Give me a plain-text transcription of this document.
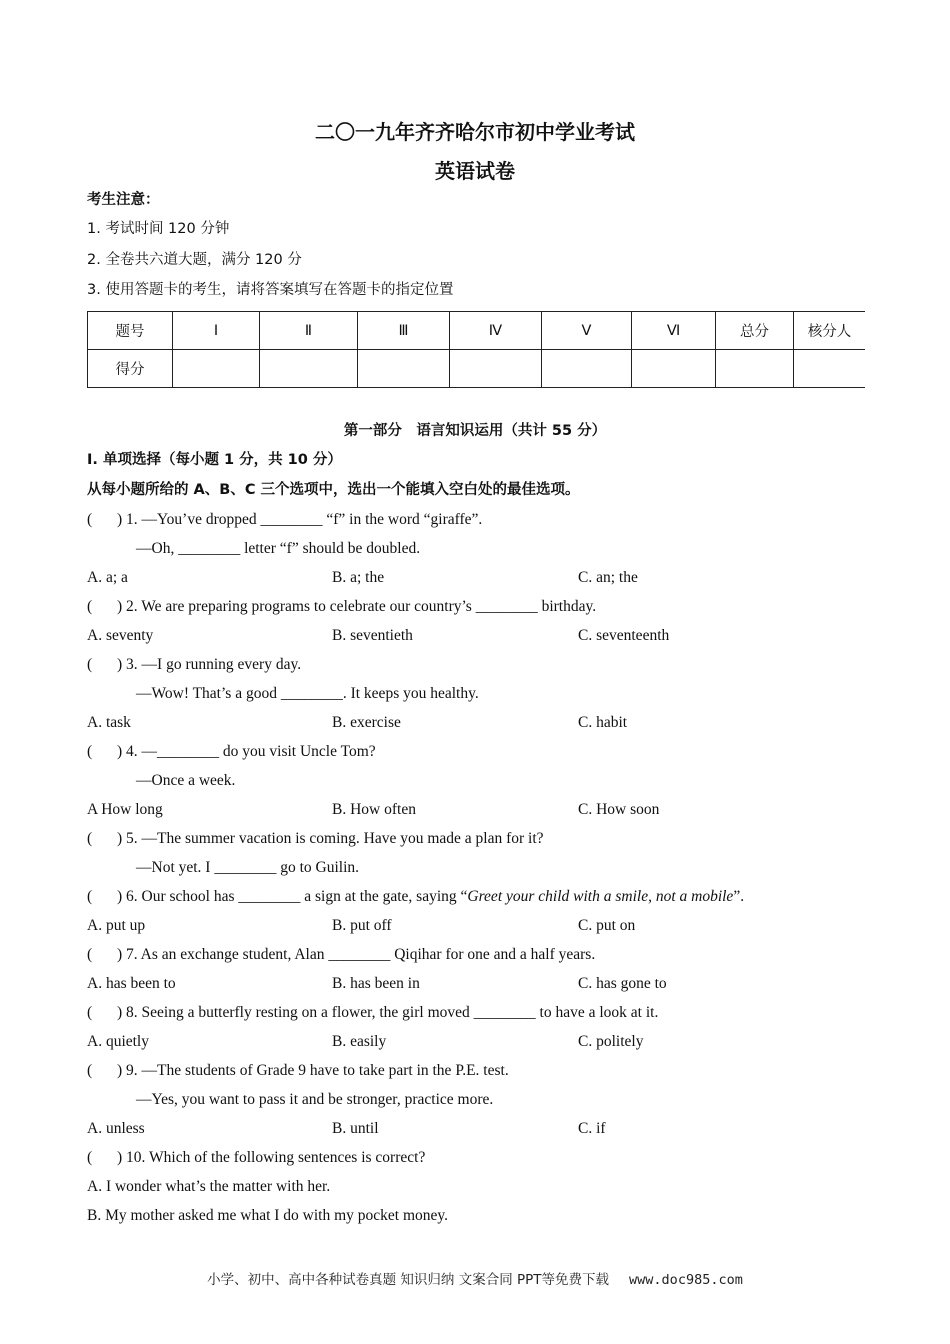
二〇一九年齐齐哈尔市初中学业考试
英语试卷
考生注意：
1. 考试时间 120 分钟
2. 全卷共六道大题，满分 120 分
3. 使用答题卡的考生，请将答案填写在答题卡的指定位置
题号	Ⅰ	Ⅱ	Ⅲ	Ⅳ	Ⅴ	Ⅵ	总分	核分人
得分								
第一部分　语言知识运用（共计 55 分）
I. 单项选择（每小题 1 分，共 10 分）
从每小题所给的 A、B、C 三个选项中，选出一个能填入空白处的最佳选项。
( ) 1. —You’ve dropped ________ “f” in the word “giraffe”.
—Oh, ________ letter “f” should be doubled.
A. a; a	B. a; the	C. an; the
( ) 2. We are preparing programs to celebrate our country’s ________ birthday.
A. seventy	B. seventieth	C. seventeenth
( ) 3. —I go running every day.
—Wow! That’s a good ________. It keeps you healthy.
A. task	B. exercise	C. habit
( ) 4. —________ do you visit Uncle Tom?
—Once a week.
A How long	B. How often	C. How soon
( ) 5. —The summer vacation is coming. Have you made a plan for it?
—Not yet. I ________ go to Guilin.
( ) 6. Our school has ________ a sign at the gate, saying “Greet your child with a smile, not a mobile”.
A. put up	B. put off	C. put on
( ) 7. As an exchange student, Alan ________ Qiqihar for one and a half years.
A. has been to	B. has been in	C. has gone to
( ) 8. Seeing a butterfly resting on a flower, the girl moved ________ to have a look at it.
A. quietly	B. easily	C. politely
( ) 9. —The students of Grade 9 have to take part in the P.E. test.
—Yes, you want to pass it and be stronger, practice more.
A. unless	B. until	C. if
( ) 10. Which of the following sentences is correct?
A. I wonder what’s the matter with her.
B. My mother asked me what I do with my pocket money.
小学、初中、高中各种试卷真题 知识归纳 文案合同 PPT等免费下载 www.doc985.com
